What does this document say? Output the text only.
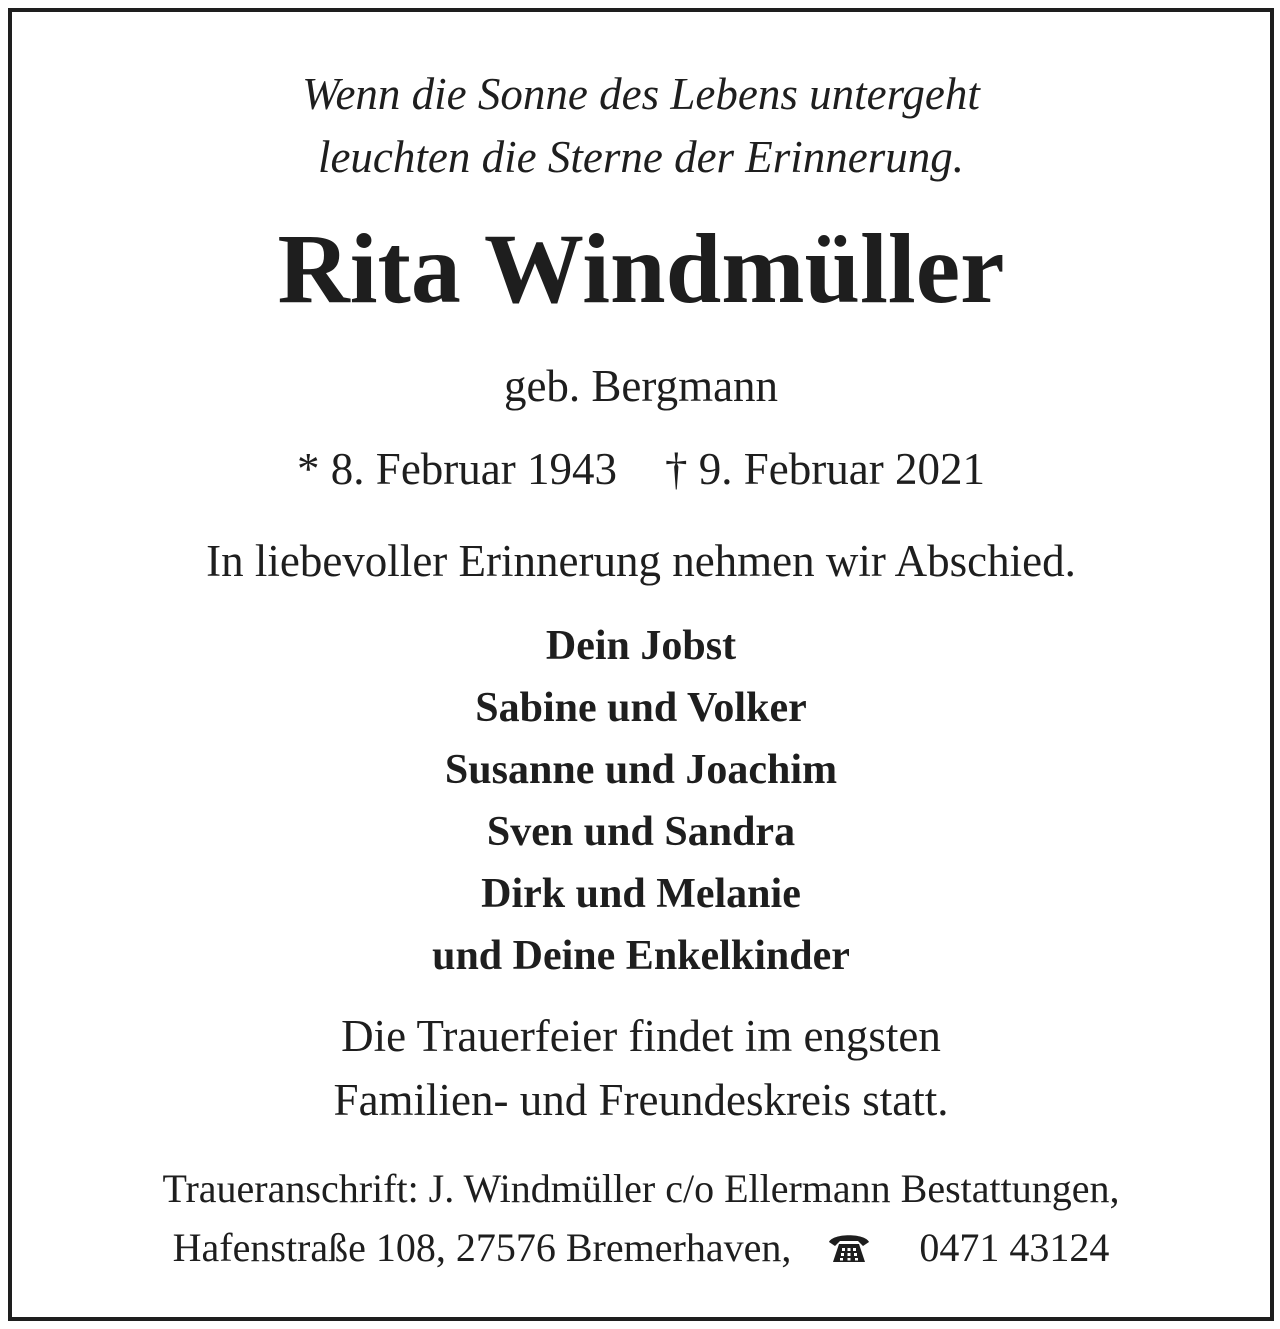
Wenn die Sonne des Lebens untergeht
leuchten die Sterne der Erinnerung.
Rita Windmüller
geb. Bergmann
* 8. Februar 1943 † 9. Februar 2021
In liebevoller Erinnerung nehmen wir Abschied.
Dein Jobst
Sabine und Volker
Susanne und Joachim
Sven und Sandra
Dirk und Melanie
und Deine Enkelkinder
Die Trauerfeier findet im engsten
Familien- und Freundeskreis statt.
Traueranschrift: J. Windmüller c/o Ellermann Bestattungen,
Hafenstraße 108, 27576 Bremerhaven,	0471 43124
